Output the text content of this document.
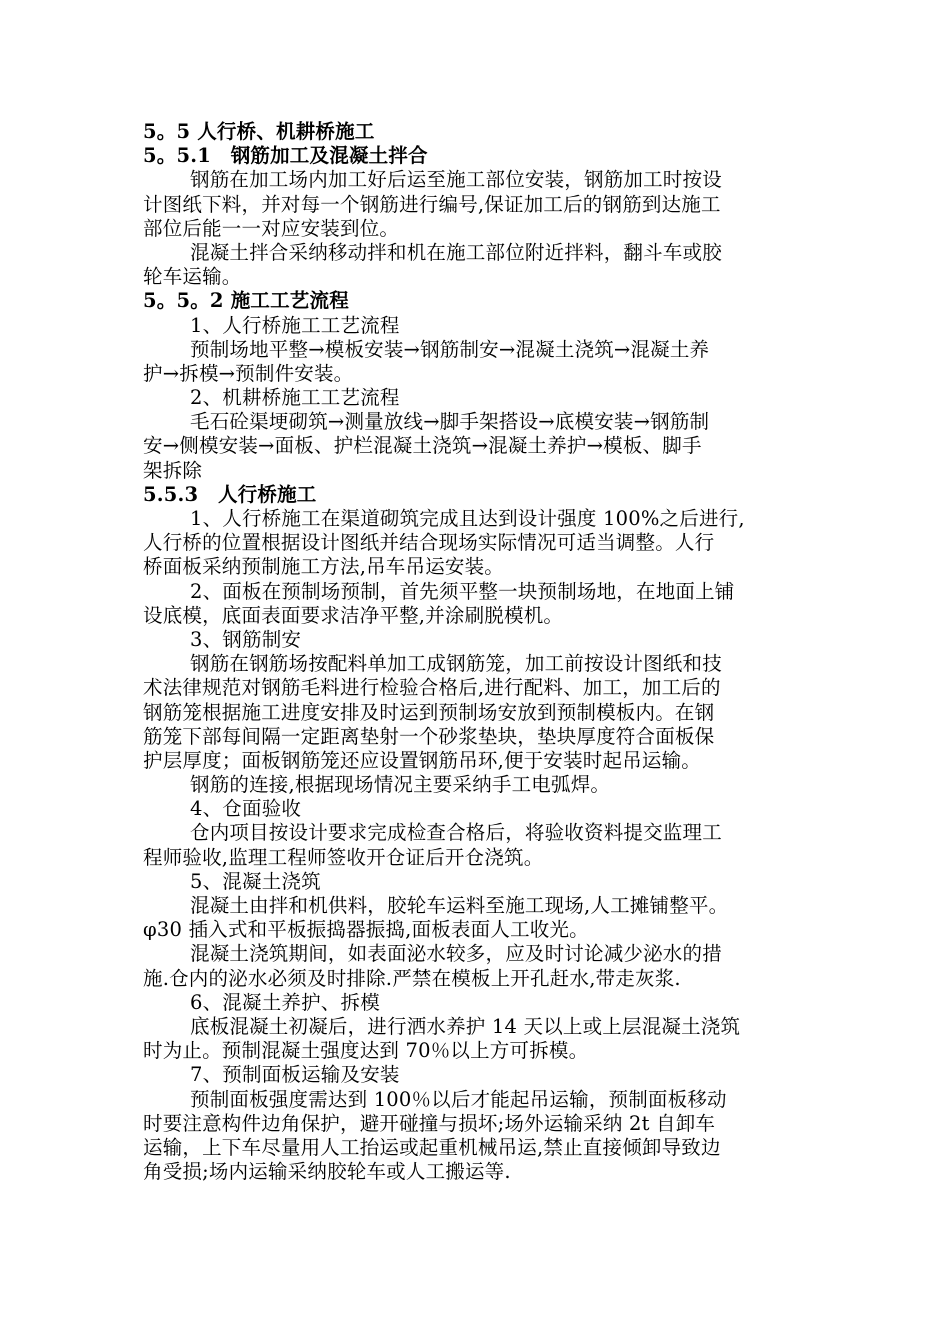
5。5 人行桥、机耕桥施工
5。5.1　钢筋加工及混凝土拌合
钢筋在加工场内加工好后运至施工部位安装，钢筋加工时按设
计图纸下料，并对每一个钢筋进行编号,保证加工后的钢筋到达施工
部位后能一一对应安装到位。
混凝土拌合采纳移动拌和机在施工部位附近拌料，翻斗车或胶
轮车运输。
5。5。2 施工工艺流程
1、人行桥施工工艺流程
预制场地平整→模板安装→钢筋制安→混凝土浇筑→混凝土养
护→拆模→预制件安装。
2、机耕桥施工工艺流程
毛石砼渠埂砌筑→测量放线→脚手架搭设→底模安装→钢筋制
安→侧模安装→面板、护栏混凝土浇筑→混凝土养护→模板、脚手
架拆除
5.5.3　人行桥施工
1、人行桥施工在渠道砌筑完成且达到设计强度 100%之后进行,
人行桥的位置根据设计图纸并结合现场实际情况可适当调整。人行
桥面板采纳预制施工方法,吊车吊运安装。
2、面板在预制场预制，首先须平整一块预制场地，在地面上铺
设底模，底面表面要求洁净平整,并涂刷脱模机。
3、钢筋制安
钢筋在钢筋场按配料单加工成钢筋笼，加工前按设计图纸和技
术法律规范对钢筋毛料进行检验合格后,进行配料、加工，加工后的
钢筋笼根据施工进度安排及时运到预制场安放到预制模板内。在钢
筋笼下部每间隔一定距离垫射一个砂浆垫块，垫块厚度符合面板保
护层厚度；面板钢筋笼还应设置钢筋吊环,便于安装时起吊运输。
钢筋的连接,根据现场情况主要采纳手工电弧焊。
4、仓面验收
仓内项目按设计要求完成检查合格后，将验收资料提交监理工
程师验收,监理工程师签收开仓证后开仓浇筑。
5、混凝土浇筑
混凝土由拌和机供料，胶轮车运料至施工现场,人工摊铺整平。
φ30 插入式和平板振捣器振捣,面板表面人工收光。
混凝土浇筑期间，如表面泌水较多，应及时讨论减少泌水的措
施.仓内的泌水必须及时排除.严禁在模板上开孔赶水,带走灰浆.
6、混凝土养护、拆模
底板混凝土初凝后，进行洒水养护 14 天以上或上层混凝土浇筑
时为止。预制混凝土强度达到 70％以上方可拆模。
7、预制面板运输及安装
预制面板强度需达到 100％以后才能起吊运输，预制面板移动
时要注意构件边角保护，避开碰撞与损坏;场外运输采纳 2t 自卸车
运输，上下车尽量用人工抬运或起重机械吊运,禁止直接倾卸导致边
角受损;场内运输采纳胶轮车或人工搬运等.
